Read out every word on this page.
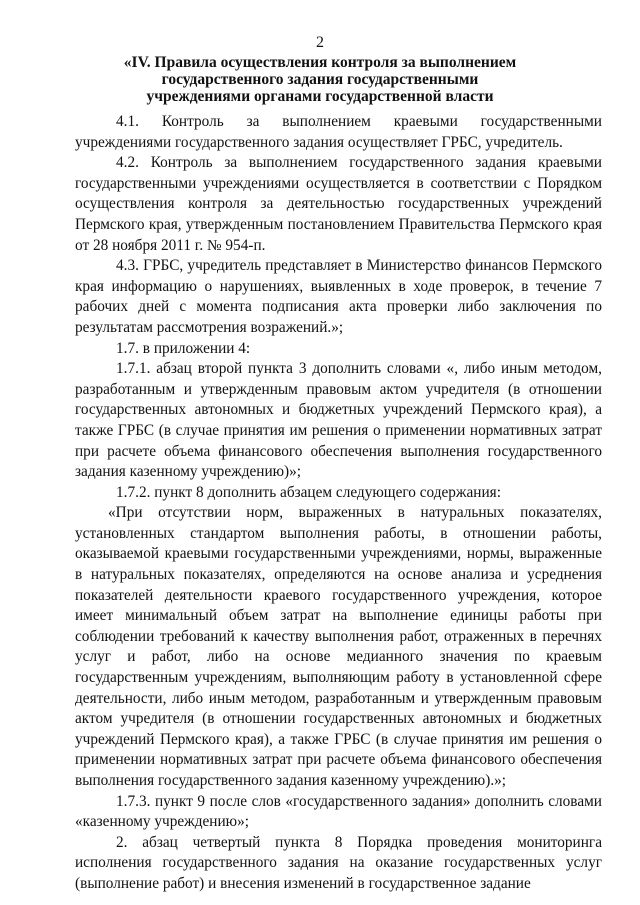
2
«IV. Правила осуществления контроля за выполнением государственного задания государственными учреждениями органами государственной власти

4.1. Контроль за выполнением краевыми государственными учреждениями государственного задания осуществляет ГРБС, учредитель.

4.2. Контроль за выполнением государственного задания краевыми государственными учреждениями осуществляется в соответствии с Порядком осуществления контроля за деятельностью государственных учреждений Пермского края, утвержденным постановлением Правительства Пермского края от 28 ноября 2011 г. № 954-п.

4.3. ГРБС, учредитель представляет в Министерство финансов Пермского края информацию о нарушениях, выявленных в ходе проверок, в течение 7 рабочих дней с момента подписания акта проверки либо заключения по результатам рассмотрения возражений.»;

1.7. в приложении 4:

1.7.1. абзац второй пункта 3 дополнить словами «, либо иным методом, разработанным и утвержденным правовым актом учредителя (в отношении государственных автономных и бюджетных учреждений Пермского края), а также ГРБС (в случае принятия им решения о применении нормативных затрат при расчете объема финансового обеспечения выполнения государственного задания казенному учреждению)»;

1.7.2. пункт 8 дополнить абзацем следующего содержания:

«При отсутствии норм, выраженных в натуральных показателях, установленных стандартом выполнения работы, в отношении работы, оказываемой краевыми государственными учреждениями, нормы, выраженные в натуральных показателях, определяются на основе анализа и усреднения показателей деятельности краевого государственного учреждения, которое имеет минимальный объем затрат на выполнение единицы работы при соблюдении требований к качеству выполнения работ, отраженных в перечнях услуг и работ, либо на основе медианного значения по краевым государственным учреждениям, выполняющим работу в установленной сфере деятельности, либо иным методом, разработанным и утвержденным правовым актом учредителя (в отношении государственных автономных и бюджетных учреждений Пермского края), а также ГРБС (в случае принятия им решения о применении нормативных затрат при расчете объема финансового обеспечения выполнения государственного задания казенному учреждению).»;

1.7.3. пункт 9 после слов «государственного задания» дополнить словами «казенному учреждению»;

2. абзац четвертый пункта 8 Порядка проведения мониторинга исполнения государственного задания на оказание государственных услуг (выполнение работ) и внесения изменений в государственное задание
